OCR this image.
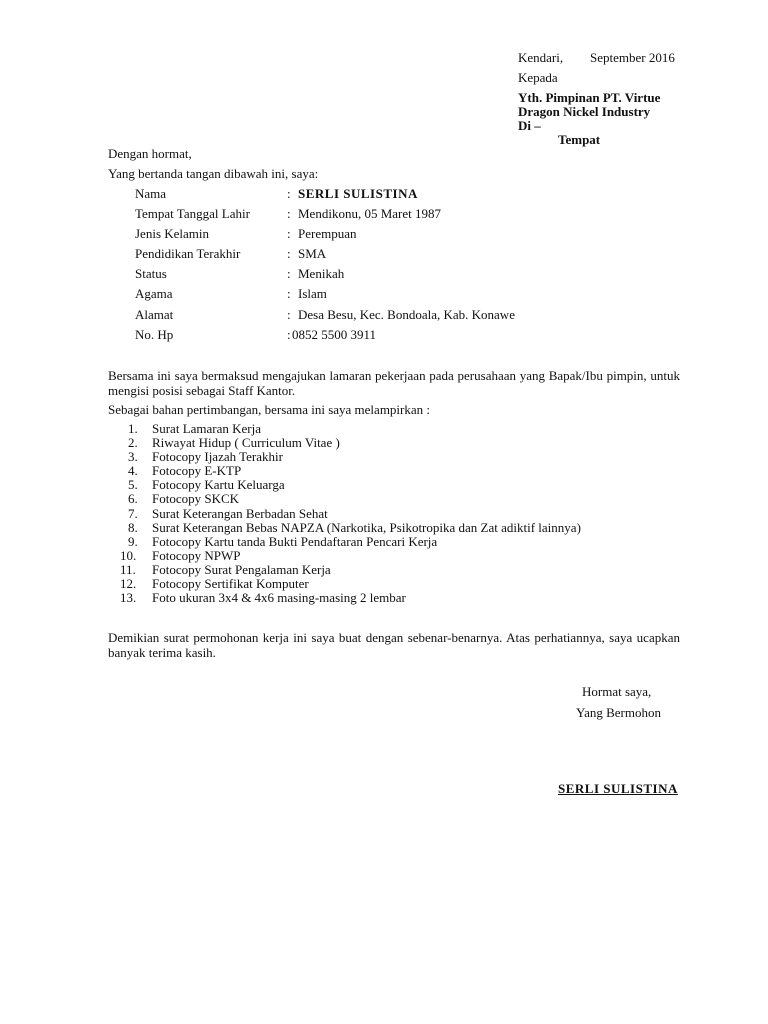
Kendari, September 2016
Kepada
Yth. Pimpinan PT. Virtue
Dragon Nickel Industry
Di –
Tempat
Dengan hormat,
Yang bertanda tangan dibawah ini, saya:
Nama	: SERLI SULISTINA
Tempat Tanggal Lahir	: Mendikonu, 05 Maret 1987
Jenis Kelamin	: Perempuan
Pendidikan Terakhir	: SMA
Status	: Menikah
Agama	: Islam
Alamat	: Desa Besu, Kec. Bondoala, Kab. Konawe
No. Hp	: 0852 5500 3911
Bersama ini saya bermaksud mengajukan lamaran pekerjaan pada perusahaan yang Bapak/Ibu pimpin, untuk mengisi posisi sebagai Staff Kantor.
Sebagai bahan pertimbangan, bersama ini saya melampirkan :
1. Surat Lamaran Kerja
2. Riwayat Hidup ( Curriculum Vitae )
3. Fotocopy Ijazah Terakhir
4. Fotocopy E-KTP
5. Fotocopy Kartu Keluarga
6. Fotocopy SKCK
7. Surat Keterangan Berbadan Sehat
8. Surat Keterangan Bebas NAPZA (Narkotika, Psikotropika dan Zat adiktif lainnya)
9. Fotocopy Kartu tanda Bukti Pendaftaran Pencari Kerja
10. Fotocopy NPWP
11. Fotocopy Surat Pengalaman Kerja
12. Fotocopy Sertifikat Komputer
13. Foto ukuran 3x4 & 4x6 masing-masing 2 lembar
Demikian surat permohonan kerja ini saya buat dengan sebenar-benarnya. Atas perhatiannya, saya ucapkan banyak terima kasih.
Hormat saya,
Yang Bermohon
SERLI SULISTINA
